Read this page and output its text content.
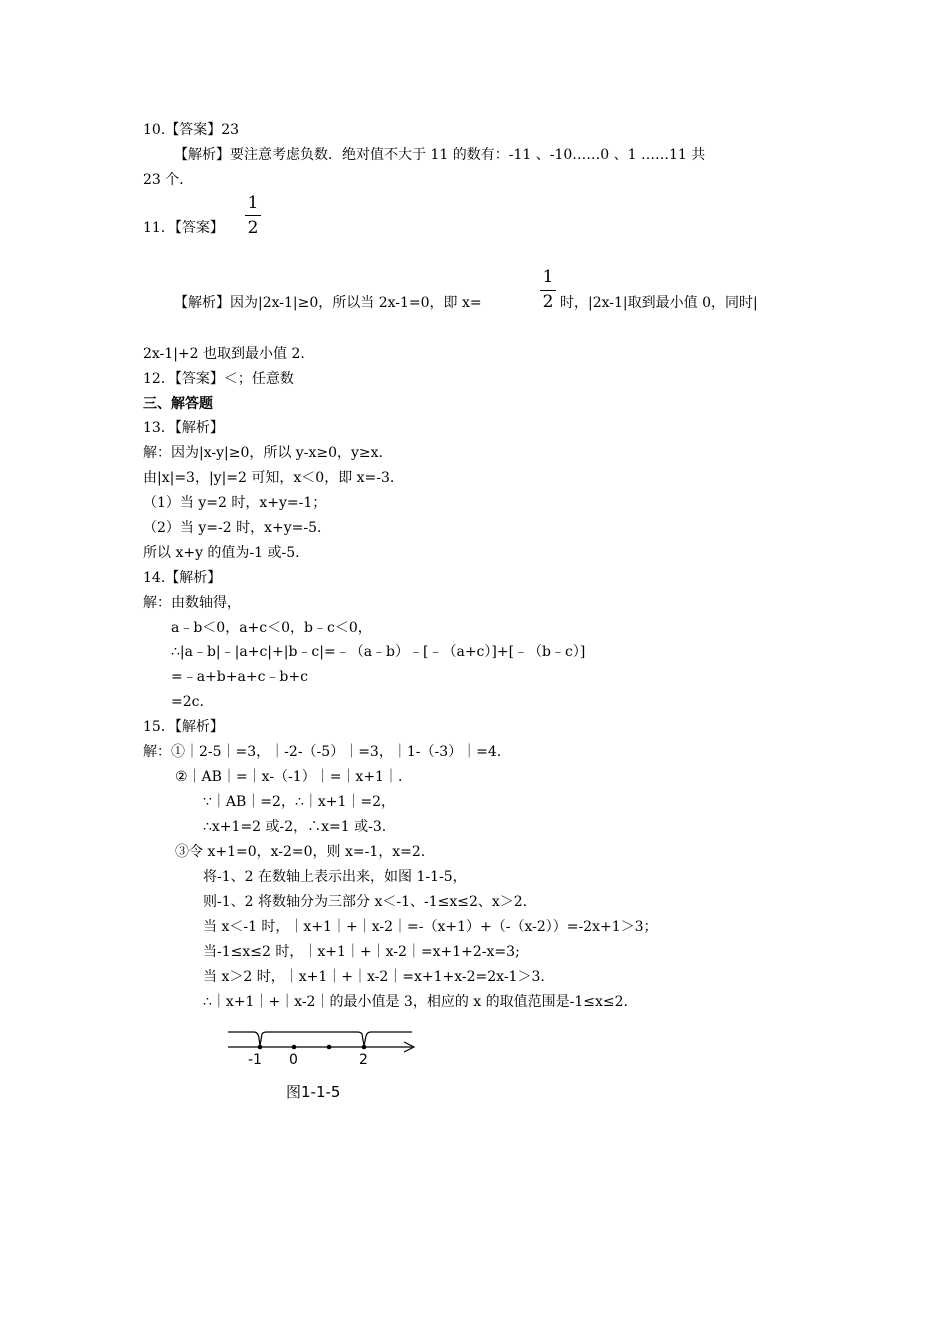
10.【答案】23
【解析】要注意考虑负数．绝对值不大于 11 的数有：-11 、-10……0 、1 ……11 共
23 个．
1
2
11．【答案】
【解析】因为|2x-1|≥0，所以当 2x-1=0，即 x=
1
2 时，|2x-1|取到最小值 0，同时|
2x-1|+2 也取到最小值 2.
12．【答案】＜；任意数
三、解答题
13．【解析】
解：因为|x-y|≥0，所以 y-x≥0，y≥x.
由|x|=3，|y|=2 可知，x＜0，即 x=-3.
（1）当 y=2 时，x+y=-1；
（2）当 y=-2 时，x+y=-5.
所以 x+y 的值为-1 或-5.
14.【解析】
解：由数轴得，
a﹣b＜0，a+c＜0，b﹣c＜0，
∴|a﹣b|﹣|a+c|+|b﹣c|=﹣（a﹣b）﹣[﹣（a+c）]+[﹣（b﹣c）]
=﹣a+b+a+c﹣b+c
=2c.
15．【解析】
解：①｜2-5｜=3，｜-2-（-5）｜=3，｜1-（-3）｜=4.
②｜AB｜=｜x-（-1）｜=｜x+1｜.
∵｜AB｜=2，∴｜x+1｜=2，
∴x+1=2 或-2，∴x=1 或-3.
③令 x+1=0，x-2=0，则 x=-1，x=2.
将-1、2 在数轴上表示出来，如图 1-1-5，
则-1、2 将数轴分为三部分 x＜-1、-1≤x≤2、x＞2.
当 x＜-1 时，｜x+1｜+｜x-2｜=-（x+1）+（-（x-2））=-2x+1＞3；
当-1≤x≤2 时，｜x+1｜+｜x-2｜=x+1+2-x=3;
当 x＞2 时，｜x+1｜+｜x-2｜=x+1+x-2=2x-1＞3.
∴｜x+1｜+｜x-2｜的最小值是 3，相应的 x 的取值范围是-1≤x≤2.
-1 0	2
图1-1-5
